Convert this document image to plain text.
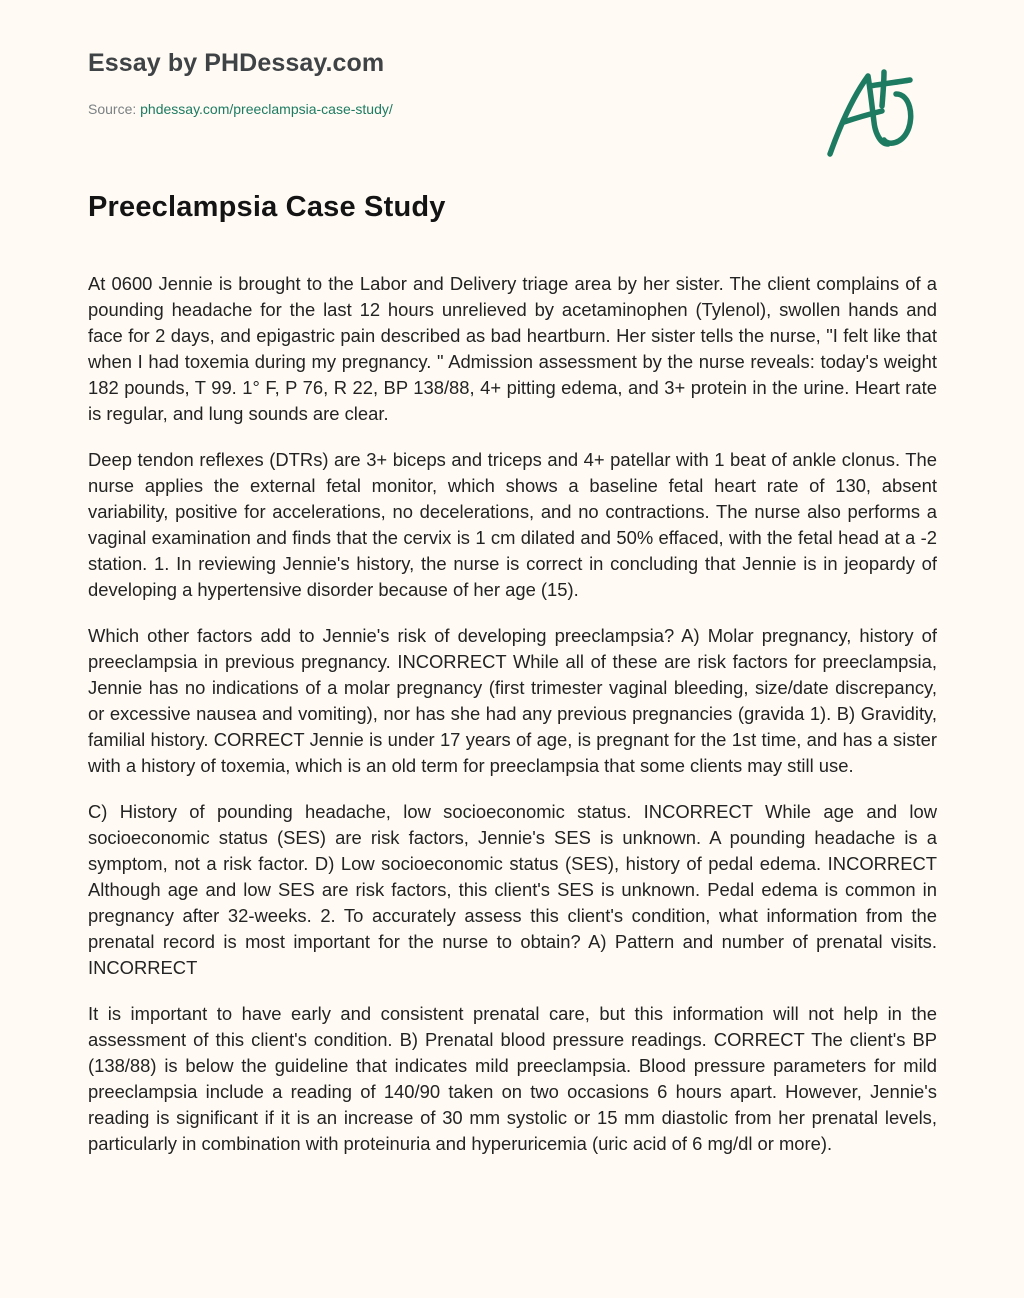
Essay by PHDessay.com
Source: phdessay.com/preeclampsia-case-study/
Preeclampsia Case Study

At 0600 Jennie is brought to the Labor and Delivery triage area by her sister. The client complains of a pounding headache for the last 12 hours unrelieved by acetaminophen (Tylenol), swollen hands and face for 2 days, and epigastric pain described as bad heartburn. Her sister tells the nurse, "I felt like that when I had toxemia during my pregnancy. " Admission assessment by the nurse reveals: today's weight 182 pounds, T 99. 1° F, P 76, R 22, BP 138/88, 4+ pitting edema, and 3+ protein in the urine. Heart rate is regular, and lung sounds are clear.

Deep tendon reflexes (DTRs) are 3+ biceps and triceps and 4+ patellar with 1 beat of ankle clonus. The nurse applies the external fetal monitor, which shows a baseline fetal heart rate of 130, absent variability, positive for accelerations, no decelerations, and no contractions. The nurse also performs a vaginal examination and finds that the cervix is 1 cm dilated and 50% effaced, with the fetal head at a -2 station. 1. In reviewing Jennie's history, the nurse is correct in concluding that Jennie is in jeopardy of developing a hypertensive disorder because of her age (15).

Which other factors add to Jennie's risk of developing preeclampsia? A) Molar pregnancy, history of preeclampsia in previous pregnancy. INCORRECT While all of these are risk factors for preeclampsia, Jennie has no indications of a molar pregnancy (first trimester vaginal bleeding, size/date discrepancy, or excessive nausea and vomiting), nor has she had any previous pregnancies (gravida 1). B) Gravidity, familial history. CORRECT Jennie is under 17 years of age, is pregnant for the 1st time, and has a sister with a history of toxemia, which is an old term for preeclampsia that some clients may still use.

C) History of pounding headache, low socioeconomic status. INCORRECT While age and low socioeconomic status (SES) are risk factors, Jennie's SES is unknown. A pounding headache is a symptom, not a risk factor. D) Low socioeconomic status (SES), history of pedal edema. INCORRECT Although age and low SES are risk factors, this client's SES is unknown. Pedal edema is common in pregnancy after 32-weeks. 2. To accurately assess this client's condition, what information from the prenatal record is most important for the nurse to obtain? A) Pattern and number of prenatal visits. INCORRECT

It is important to have early and consistent prenatal care, but this information will not help in the assessment of this client's condition. B) Prenatal blood pressure readings. CORRECT The client's BP (138/88) is below the guideline that indicates mild preeclampsia. Blood pressure parameters for mild preeclampsia include a reading of 140/90 taken on two occasions 6 hours apart. However, Jennie's reading is significant if it is an increase of 30 mm systolic or 15 mm diastolic from her prenatal levels, particularly in combination with proteinuria and hyperuricemia (uric acid of 6 mg/dl or more).
